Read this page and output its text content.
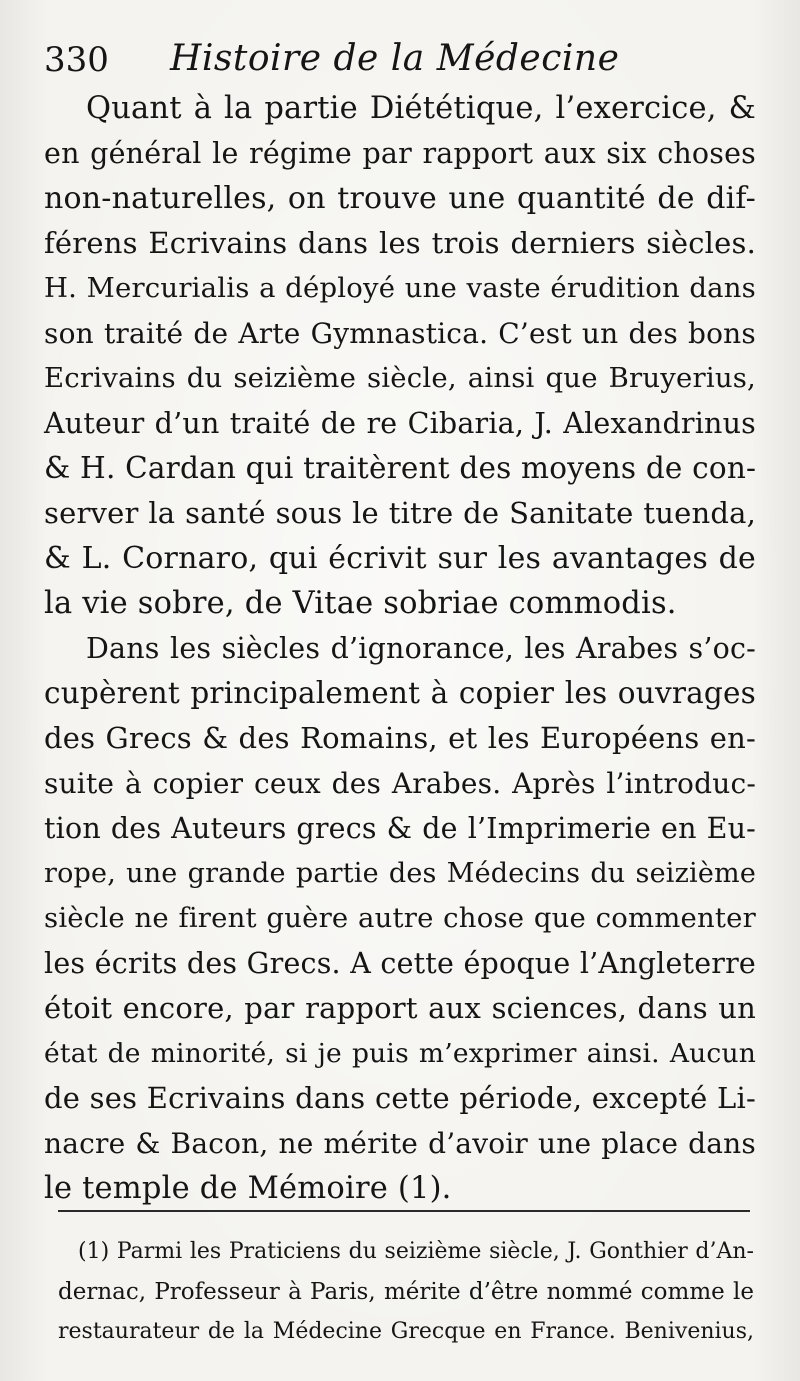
330 Histoire de la Médecine
Quant à la partie Diététique, l’exercice, &
en général le régime par rapport aux six choses
non-naturelles, on trouve une quantité de dif-
férens Ecrivains dans les trois derniers siècles.
H. Mercurialis a déployé une vaste érudition dans
son traité de Arte Gymnastica. C’est un des bons
Ecrivains du seizième siècle, ainsi que Bruyerius,
Auteur d’un traité de re Cibaria, J. Alexandrinus
& H. Cardan qui traitèrent des moyens de con-
server la santé sous le titre de Sanitate tuenda,
& L. Cornaro, qui écrivit sur les avantages de
la vie sobre, de Vitae sobriae commodis.
Dans les siècles d’ignorance, les Arabes s’oc-
cupèrent principalement à copier les ouvrages
des Grecs & des Romains, et les Européens en-
suite à copier ceux des Arabes. Après l’introduc-
tion des Auteurs grecs & de l’Imprimerie en Eu-
rope, une grande partie des Médecins du seizième
siècle ne firent guère autre chose que commenter
les écrits des Grecs. A cette époque l’Angleterre
étoit encore, par rapport aux sciences, dans un
état de minorité, si je puis m’exprimer ainsi. Aucun
de ses Ecrivains dans cette période, excepté Li-
nacre & Bacon, ne mérite d’avoir une place dans
le temple de Mémoire (1).
(1) Parmi les Praticiens du seizième siècle, J. Gonthier d’An-
dernac, Professeur à Paris, mérite d’être nommé comme le
restaurateur de la Médecine Grecque en France. Benivenius,
